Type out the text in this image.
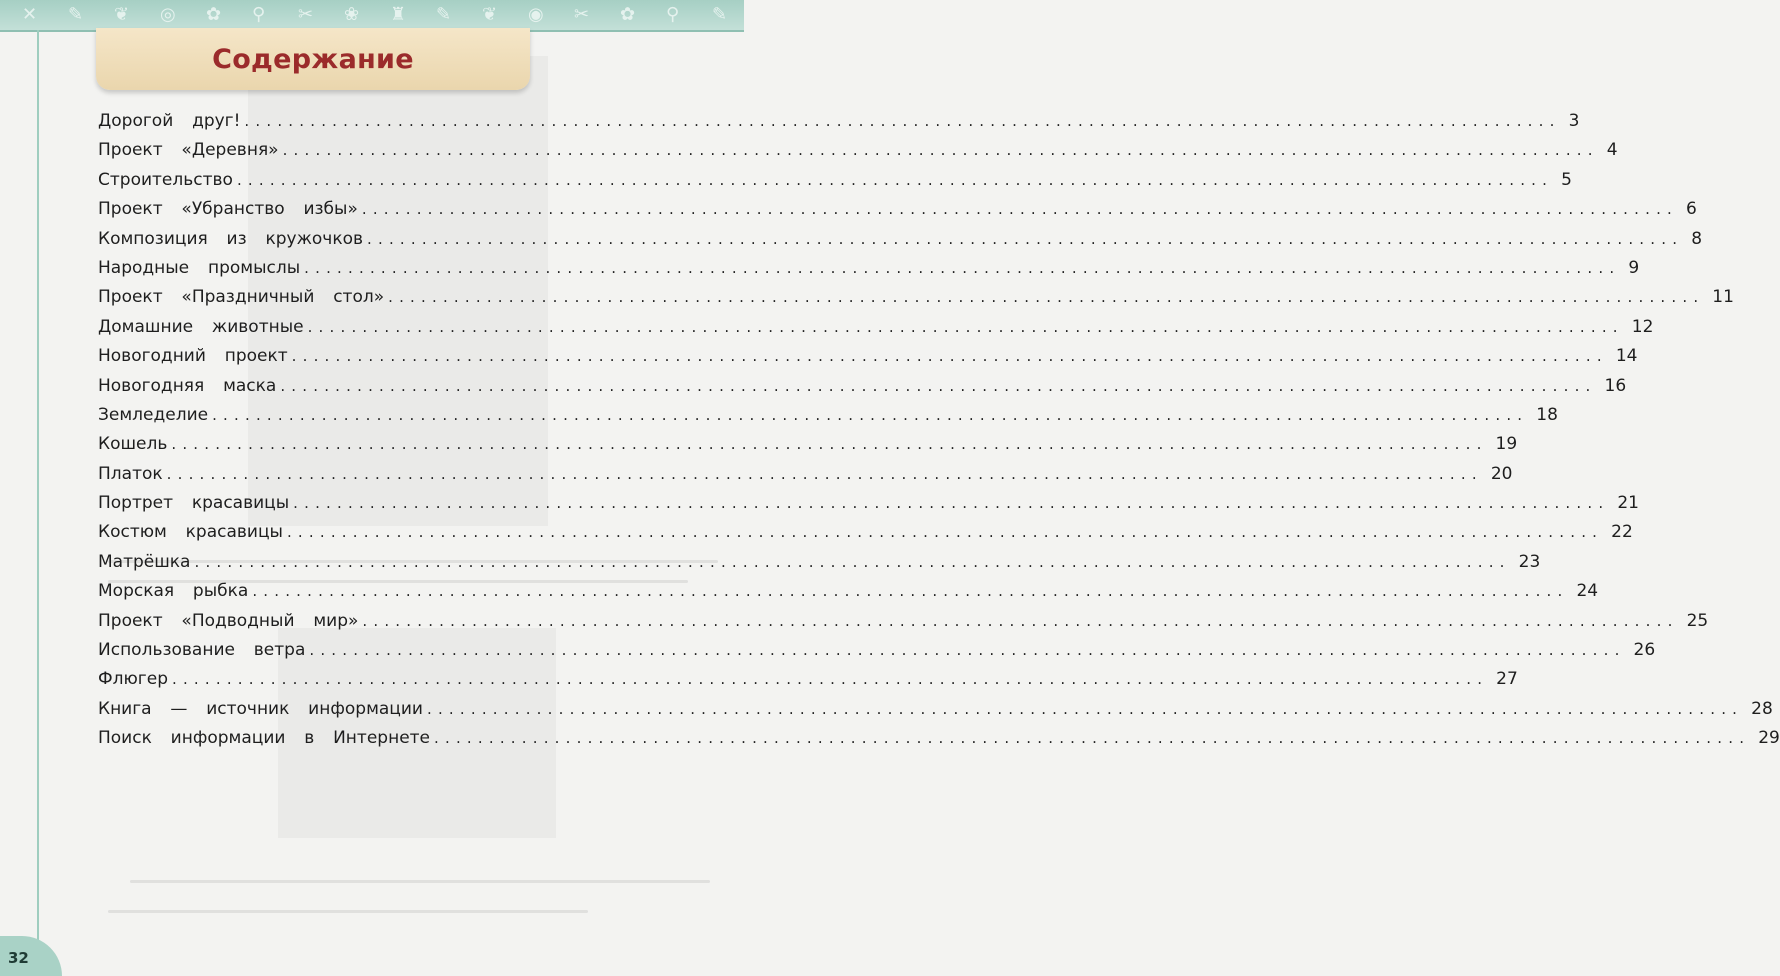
✕ ✎ ❦ ◎ ✿ ⚲ ✂ ❀ ♜ ✎ ❦ ◉ ✂ ✿ ⚲ ✎
Содержание
Дорогой  друг! ........................................................................................................................ 3
Проект  «Деревня» ........................................................................................................................ 4
Строительство ........................................................................................................................ 5
Проект  «Убранство  избы» ........................................................................................................................ 6
Композиция  из  кружочков ........................................................................................................................ 8
Народные  промыслы ........................................................................................................................ 9
Проект  «Праздничный  стол» ........................................................................................................................ 11
Домашние  животные ........................................................................................................................ 12
Новогодний  проект ........................................................................................................................ 14
Новогодняя  маска ........................................................................................................................ 16
Земледелие ........................................................................................................................ 18
Кошель ........................................................................................................................ 19
Платок ........................................................................................................................ 20
Портрет  красавицы ........................................................................................................................ 21
Костюм  красавицы ........................................................................................................................ 22
Матрёшка ........................................................................................................................ 23
Морская  рыбка ........................................................................................................................ 24
Проект  «Подводный  мир» ........................................................................................................................ 25
Использование  ветра ........................................................................................................................ 26
Флюгер ........................................................................................................................ 27
Книга  —  источник  информации ........................................................................................................................ 28
Поиск  информации  в  Интернете ........................................................................................................................ 29
32
